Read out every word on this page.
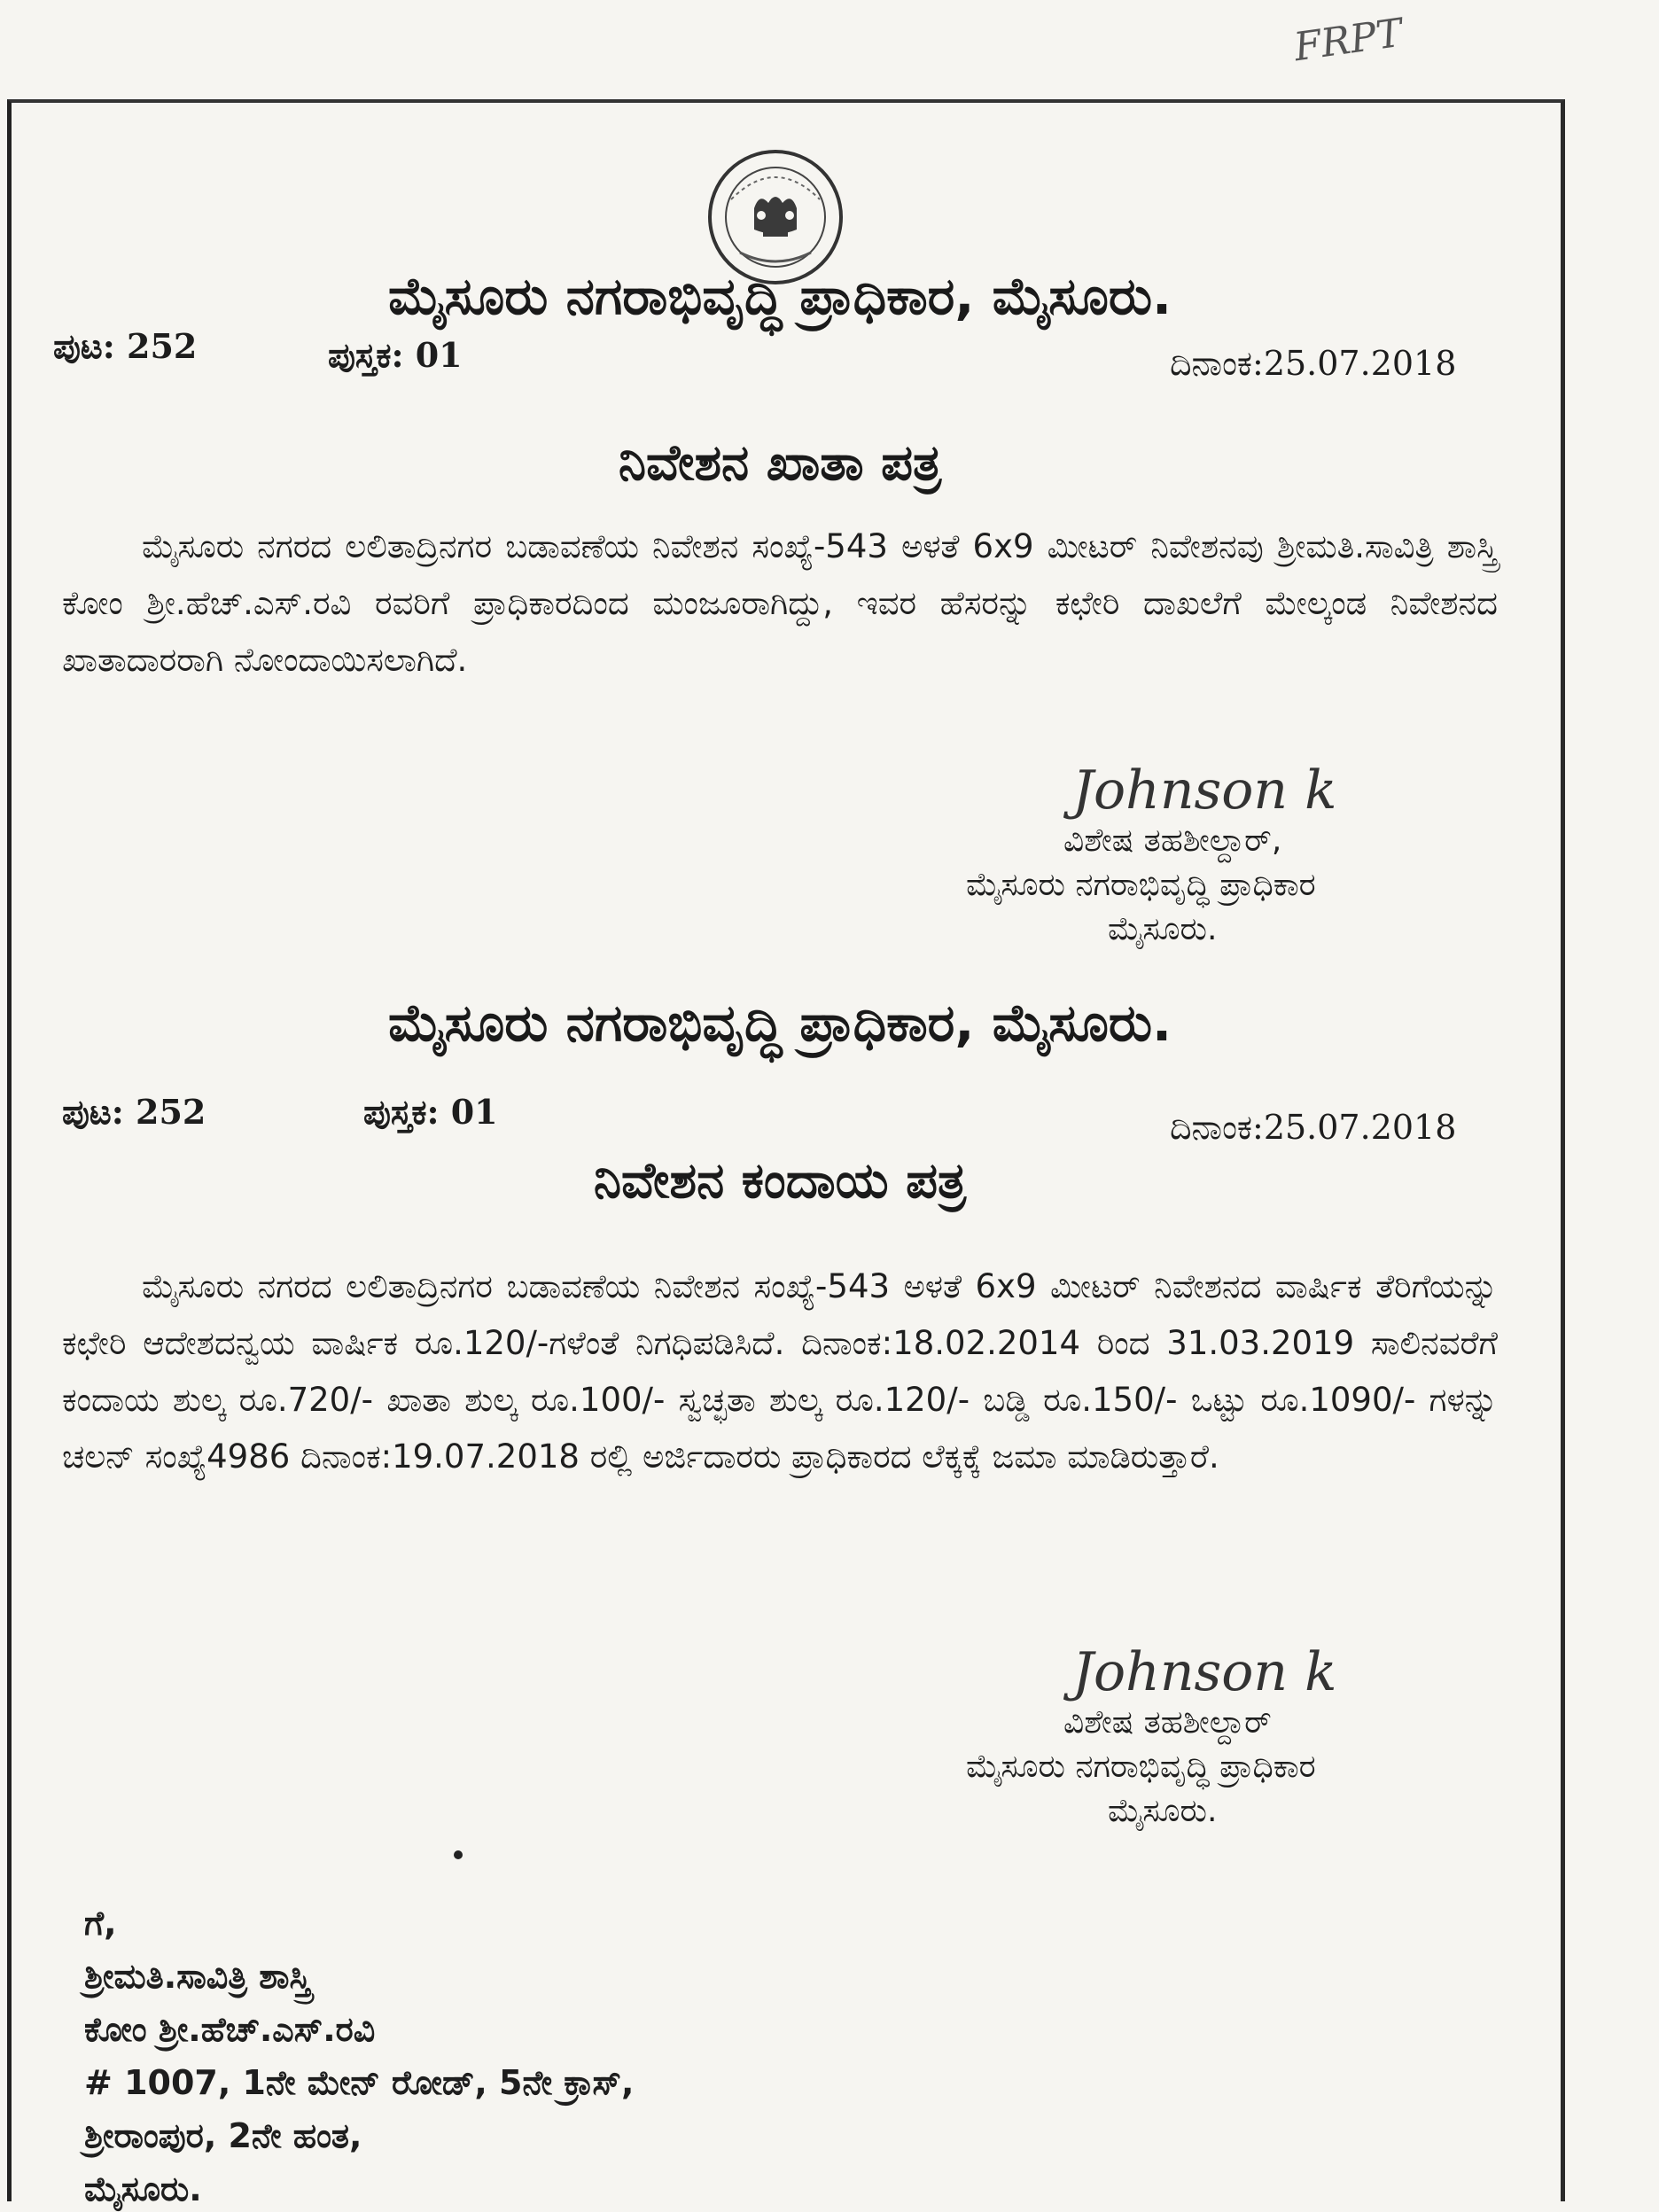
FRPT
ಮೈಸೂರು ನಗರಾಭಿವೃದ್ಧಿ ಪ್ರಾಧಿಕಾರ, ಮೈಸೂರು.
ಪುಟ: 252	ಪುಸ್ತಕ: 01	ದಿನಾಂಕ:25.07.2018
ನಿವೇಶನ ಖಾತಾ ಪತ್ರ
ಮೈಸೂರು ನಗರದ ಲಲಿತಾದ್ರಿನಗರ ಬಡಾವಣೆಯ ನಿವೇಶನ ಸಂಖ್ಯೆ-543 ಅಳತೆ 6x9 ಮೀಟರ್ ನಿವೇಶನವು ಶ್ರೀಮತಿ.ಸಾವಿತ್ರಿ ಶಾಸ್ತ್ರಿ ಕೋಂ ಶ್ರೀ.ಹೆಚ್.ಎಸ್.ರವಿ ರವರಿಗೆ ಪ್ರಾಧಿಕಾರದಿಂದ ಮಂಜೂರಾಗಿದ್ದು, ಇವರ ಹೆಸರನ್ನು ಕಛೇರಿ ದಾಖಲೆಗೆ ಮೇಲ್ಕಂಡ ನಿವೇಶನದ ಖಾತಾದಾರರಾಗಿ ನೋಂದಾಯಿಸಲಾಗಿದೆ.
Johnson k
ವಿಶೇಷ ತಹಶೀಲ್ದಾರ್,
ಮೈಸೂರು ನಗರಾಭಿವೃದ್ಧಿ ಪ್ರಾಧಿಕಾರ
ಮೈಸೂರು.
ಮೈಸೂರು ನಗರಾಭಿವೃದ್ಧಿ ಪ್ರಾಧಿಕಾರ, ಮೈಸೂರು.
ಪುಟ: 252	ಪುಸ್ತಕ: 01	ದಿನಾಂಕ:25.07.2018
ನಿವೇಶನ ಕಂದಾಯ ಪತ್ರ
ಮೈಸೂರು ನಗರದ ಲಲಿತಾದ್ರಿನಗರ ಬಡಾವಣೆಯ ನಿವೇಶನ ಸಂಖ್ಯೆ-543 ಅಳತೆ 6x9 ಮೀಟರ್ ನಿವೇಶನದ ವಾರ್ಷಿಕ ತೆರಿಗೆಯನ್ನು ಕಛೇರಿ ಆದೇಶದನ್ವಯ ವಾರ್ಷಿಕ ರೂ.120/-ಗಳೆಂತೆ ನಿಗಧಿಪಡಿಸಿದೆ. ದಿನಾಂಕ:18.02.2014 ರಿಂದ 31.03.2019 ಸಾಲಿನವರೆಗೆ ಕಂದಾಯ ಶುಲ್ಕ ರೂ.720/- ಖಾತಾ ಶುಲ್ಕ ರೂ.100/- ಸ್ವಚ್ಛತಾ ಶುಲ್ಕ ರೂ.120/- ಬಡ್ಡಿ ರೂ.150/- ಒಟ್ಟು ರೂ.1090/- ಗಳನ್ನು ಚಲನ್ ಸಂಖ್ಯೆ4986 ದಿನಾಂಕ:19.07.2018 ರಲ್ಲಿ ಅರ್ಜಿದಾರರು ಪ್ರಾಧಿಕಾರದ ಲೆಕ್ಕಕ್ಕೆ ಜಮಾ ಮಾಡಿರುತ್ತಾರೆ.
Johnson k
ವಿಶೇಷ ತಹಶೀಲ್ದಾರ್
ಮೈಸೂರು ನಗರಾಭಿವೃದ್ಧಿ ಪ್ರಾಧಿಕಾರ
ಮೈಸೂರು.
ಗೆ,
ಶ್ರೀಮತಿ.ಸಾವಿತ್ರಿ ಶಾಸ್ತ್ರಿ
ಕೋಂ ಶ್ರೀ.ಹೆಚ್.ಎಸ್.ರವಿ
# 1007, 1ನೇ ಮೇನ್ ರೋಡ್, 5ನೇ ಕ್ರಾಸ್,
ಶ್ರೀರಾಂಪುರ, 2ನೇ ಹಂತ,
ಮೈಸೂರು.
